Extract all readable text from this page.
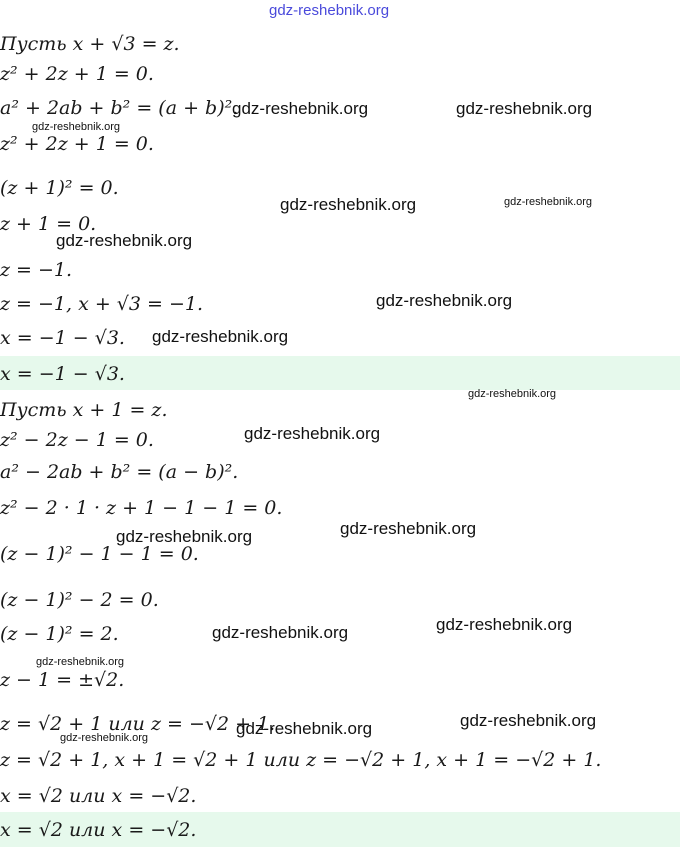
gdz-reshebnik.org
Пусть x + √3 = z.
z² + 2z + 1 = 0.
a² + 2ab + b² = (a + b)².
z² + 2z + 1 = 0.
(z + 1)² = 0.
z + 1 = 0.
z = −1.
z = −1, x + √3 = −1.
x = −1 − √3.
x = −1 − √3.
Пусть x + 1 = z.
z² − 2z − 1 = 0.
a² − 2ab + b² = (a − b)².
z² − 2 · 1 · z + 1 − 1 − 1 = 0.
(z − 1)² − 1 − 1 = 0.
(z − 1)² − 2 = 0.
(z − 1)² = 2.
z − 1 = ±√2.
z = √2 + 1 или z = −√2 + 1.
z = √2 + 1, x + 1 = √2 + 1 или z = −√2 + 1, x + 1 = −√2 + 1.
x = √2 или x = −√2.
x = √2 или x = −√2.
gdz-reshebnik.org	gdz-reshebnik.org
gdz-reshebnik.org
gdz-reshebnik.org	gdz-reshebnik.org
gdz-reshebnik.org
gdz-reshebnik.org
gdz-reshebnik.org
gdz-reshebnik.org
gdz-reshebnik.org
gdz-reshebnik.org
gdz-reshebnik.org
gdz-reshebnik.org
gdz-reshebnik.org
gdz-reshebnik.org
gdz-reshebnik.org
gdz-reshebnik.org
gdz-reshebnik.org
